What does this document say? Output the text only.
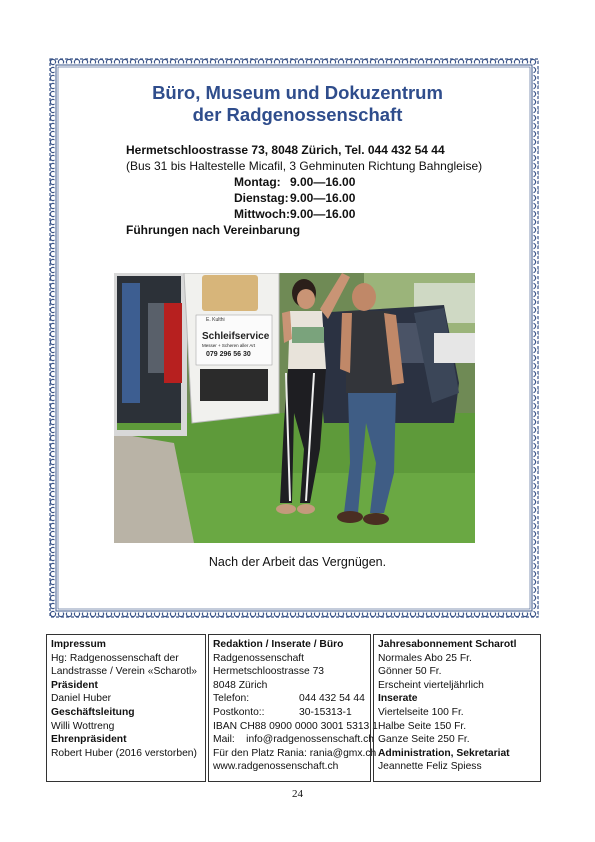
Büro, Museum und Dokuzentrum
der Radgenossenschaft
Hermetschloostrasse 73, 8048 Zürich, Tel. 044 432 54 44
(Bus 31 bis Haltestelle Micafil, 3 Gehminuten Richtung Bahngleise)
Montag: 9.00—16.00
Dienstag:9.00—16.00
Mittwoch:9.00—16.00
Führungen nach Vereinbarung
E. Kulthi
Schleifservice
Messer + Scheren aller Art
079 296 56 30
Nach der Arbeit das Vergnügen.
Impressum
Hg: Radgenossenschaft der
Landstrasse / Verein «Scharotl»
Präsident
Daniel Huber
Geschäftsleitung
Willi Wottreng
Ehrenpräsident
Robert Huber (2016 verstorben)
Redaktion / Inserate / Büro
Radgenossenschaft
Hermetschloostrasse 73
8048 Zürich
Telefon:	044 432 54 44
Postkonto::	30-15313-1
IBAN CH88 0900 0000 3001 5313 1
Mail:    info@radgenossenschaft.ch
Für den Platz Rania: rania@gmx.ch
www.radgenossenschaft.ch
Jahresabonnement Scharotl
Normales Abo 25 Fr.
Gönner 50 Fr.
Erscheint vierteljährlich
Inserate
Viertelseite 100 Fr.
Halbe Seite 150 Fr.
Ganze Seite 250 Fr.
Administration, Sekretariat
Jeannette Feliz Spiess
24
